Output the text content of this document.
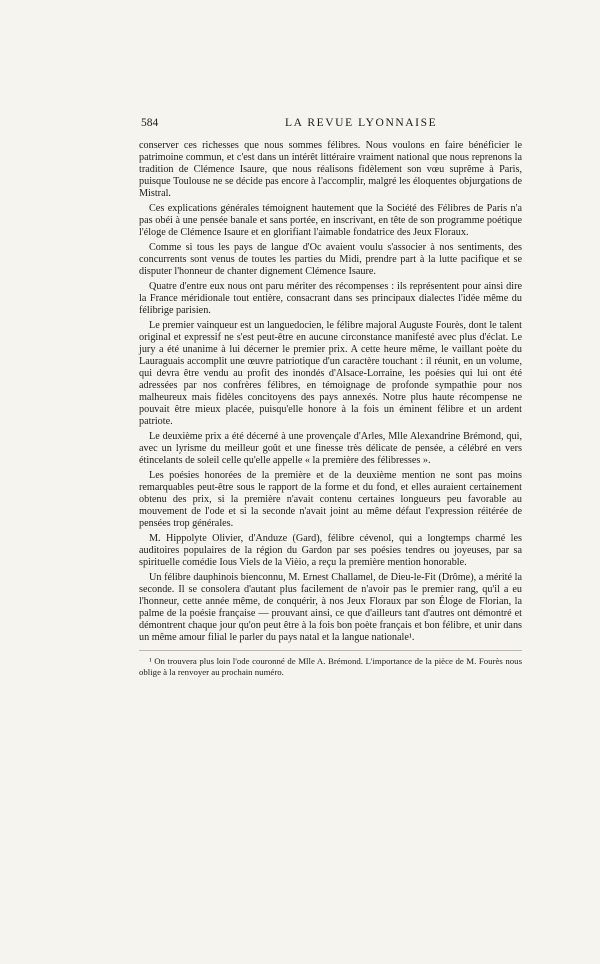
584	LA REVUE LYONNAISE

conserver ces richesses que nous sommes félibres. Nous voulons en faire bénéficier le patrimoine commun, et c'est dans un intérêt littéraire vraiment national que nous reprenons la tradition de Clémence Isaure, que nous réalisons fidèlement son vœu suprême à Paris, puisque Toulouse ne se décide pas encore à l'accomplir, malgré les éloquentes objurgations de Mistral.

Ces explications générales témoignent hautement que la Société des Félibres de Paris n'a pas obéi à une pensée banale et sans portée, en inscrivant, en tête de son programme poétique l'éloge de Clémence Isaure et en glorifiant l'aimable fondatrice des Jeux Floraux.

Comme si tous les pays de langue d'Oc avaient voulu s'associer à nos sentiments, des concurrents sont venus de toutes les parties du Midi, prendre part à la lutte pacifique et se disputer l'honneur de chanter dignement Clémence Isaure.

Quatre d'entre eux nous ont paru mériter des récompenses : ils représentent pour ainsi dire la France méridionale tout entière, consacrant dans ses principaux dialectes l'idée même du félibrige parisien.

Le premier vainqueur est un languedocien, le félibre majoral Auguste Fourès, dont le talent original et expressif ne s'est peut-être en aucune circonstance manifesté avec plus d'éclat. Le jury a été unanime à lui décerner le premier prix. A cette heure même, le vaillant poète du Lauraguais accomplit une œuvre patriotique d'un caractère touchant : il réunit, en un volume, qui devra être vendu au profit des inondés d'Alsace-Lorraine, les poésies qui lui ont été adressées par nos confrères félibres, en témoignage de profonde sympathie pour nos malheureux mais fidèles concitoyens des pays annexés. Notre plus haute récompense ne pouvait être mieux placée, puisqu'elle honore à la fois un éminent félibre et un ardent patriote.

Le deuxième prix a été décerné à une provençale d'Arles, Mlle Alexandrine Brémond, qui, avec un lyrisme du meilleur goût et une finesse très délicate de pensée, a célébré en vers étincelants de soleil celle qu'elle appelle « la première des félibresses ».

Les poésies honorées de la première et de la deuxième mention ne sont pas moins remarquables peut-être sous le rapport de la forme et du fond, et elles auraient certainement obtenu des prix, si la première n'avait contenu certaines longueurs peu favorable au mouvement de l'ode et si la seconde n'avait joint au même défaut l'expression réitérée de pensées trop générales.

M. Hippolyte Olivier, d'Anduze (Gard), félibre cévenol, qui a longtemps charmé les auditoires populaires de la région du Gardon par ses poésies tendres ou joyeuses, par sa spirituelle comédie Ious Viels de la Vièio, a reçu la première mention honorable.

Un félibre dauphinois bienconnu, M. Ernest Challamel, de Dieu-le-Fit (Drôme), a mérité la seconde. Il se consolera d'autant plus facilement de n'avoir pas le premier rang, qu'il a eu l'honneur, cette année même, de conquérir, à nos Jeux Floraux par son Éloge de Florian, la palme de la poésie française — prouvant ainsi, ce que d'ailleurs tant d'autres ont démontré et démontrent chaque jour qu'on peut être à la fois bon poète français et bon félibre, et unir dans un même amour filial le parler du pays natal et la langue nationale¹.

¹ On trouvera plus loin l'ode couronné de Mlle A. Brémond. L'importance de la pièce de M. Fourès nous oblige à la renvoyer au prochain numéro.
